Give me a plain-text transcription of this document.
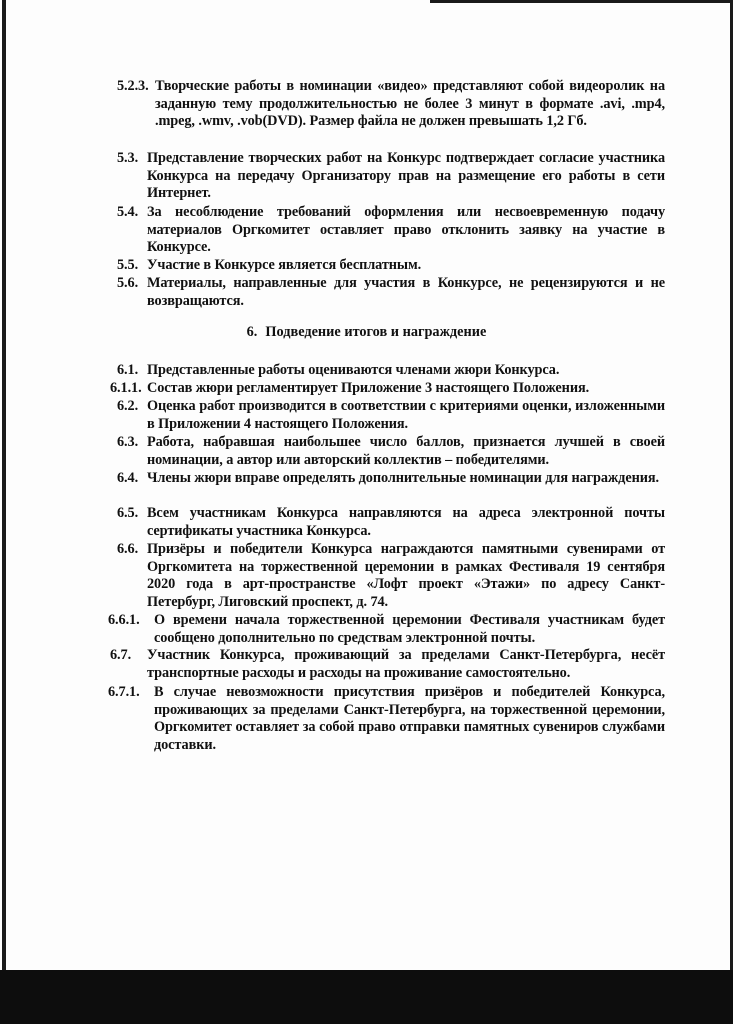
5.2.3. Творческие работы в номинации «видео» представляют собой видеоролик на заданную тему продолжительностью не более 3 минут в формате .avi, .mp4, .mpeg, .wmv, .vob(DVD). Размер файла не должен превышать 1,2 Гб.
5.3. Представление творческих работ на Конкурс подтверждает согласие участника Конкурса на передачу Организатору прав на размещение его работы в сети Интернет.
5.4. За несоблюдение требований оформления или несвоевременную подачу материалов Оргкомитет оставляет право отклонить заявку на участие в Конкурсе.
5.5. Участие в Конкурсе является бесплатным.
5.6. Материалы, направленные для участия в Конкурсе, не рецензируются и не возвращаются.
6. Подведение итогов и награждение
6.1. Представленные работы оцениваются членами жюри Конкурса.
6.1.1. Состав жюри регламентирует Приложение 3 настоящего Положения.
6.2. Оценка работ производится в соответствии с критериями оценки, изложенными в Приложении 4 настоящего Положения.
6.3. Работа, набравшая наибольшее число баллов, признается лучшей в своей номинации, а автор или авторский коллектив – победителями.
6.4. Члены жюри вправе определять дополнительные номинации для награждения.
6.5. Всем участникам Конкурса направляются на адреса электронной почты сертификаты участника Конкурса.
6.6. Призёры и победители Конкурса награждаются памятными сувенирами от Оргкомитета на торжественной церемонии в рамках Фестиваля 19 сентября 2020 года в арт-пространстве «Лофт проект «Этажи» по адресу Санкт-Петербург, Лиговский проспект, д. 74.
6.6.1.	О времени начала торжественной церемонии Фестиваля участникам будет сообщено дополнительно по средствам электронной почты.
6.7.	Участник Конкурса, проживающий за пределами Санкт-Петербурга, несёт транспортные расходы и расходы на проживание самостоятельно.
6.7.1.	В случае невозможности присутствия призёров и победителей Конкурса, проживающих за пределами Санкт-Петербурга, на торжественной церемонии, Оргкомитет оставляет за собой право отправки памятных сувениров службами доставки.
